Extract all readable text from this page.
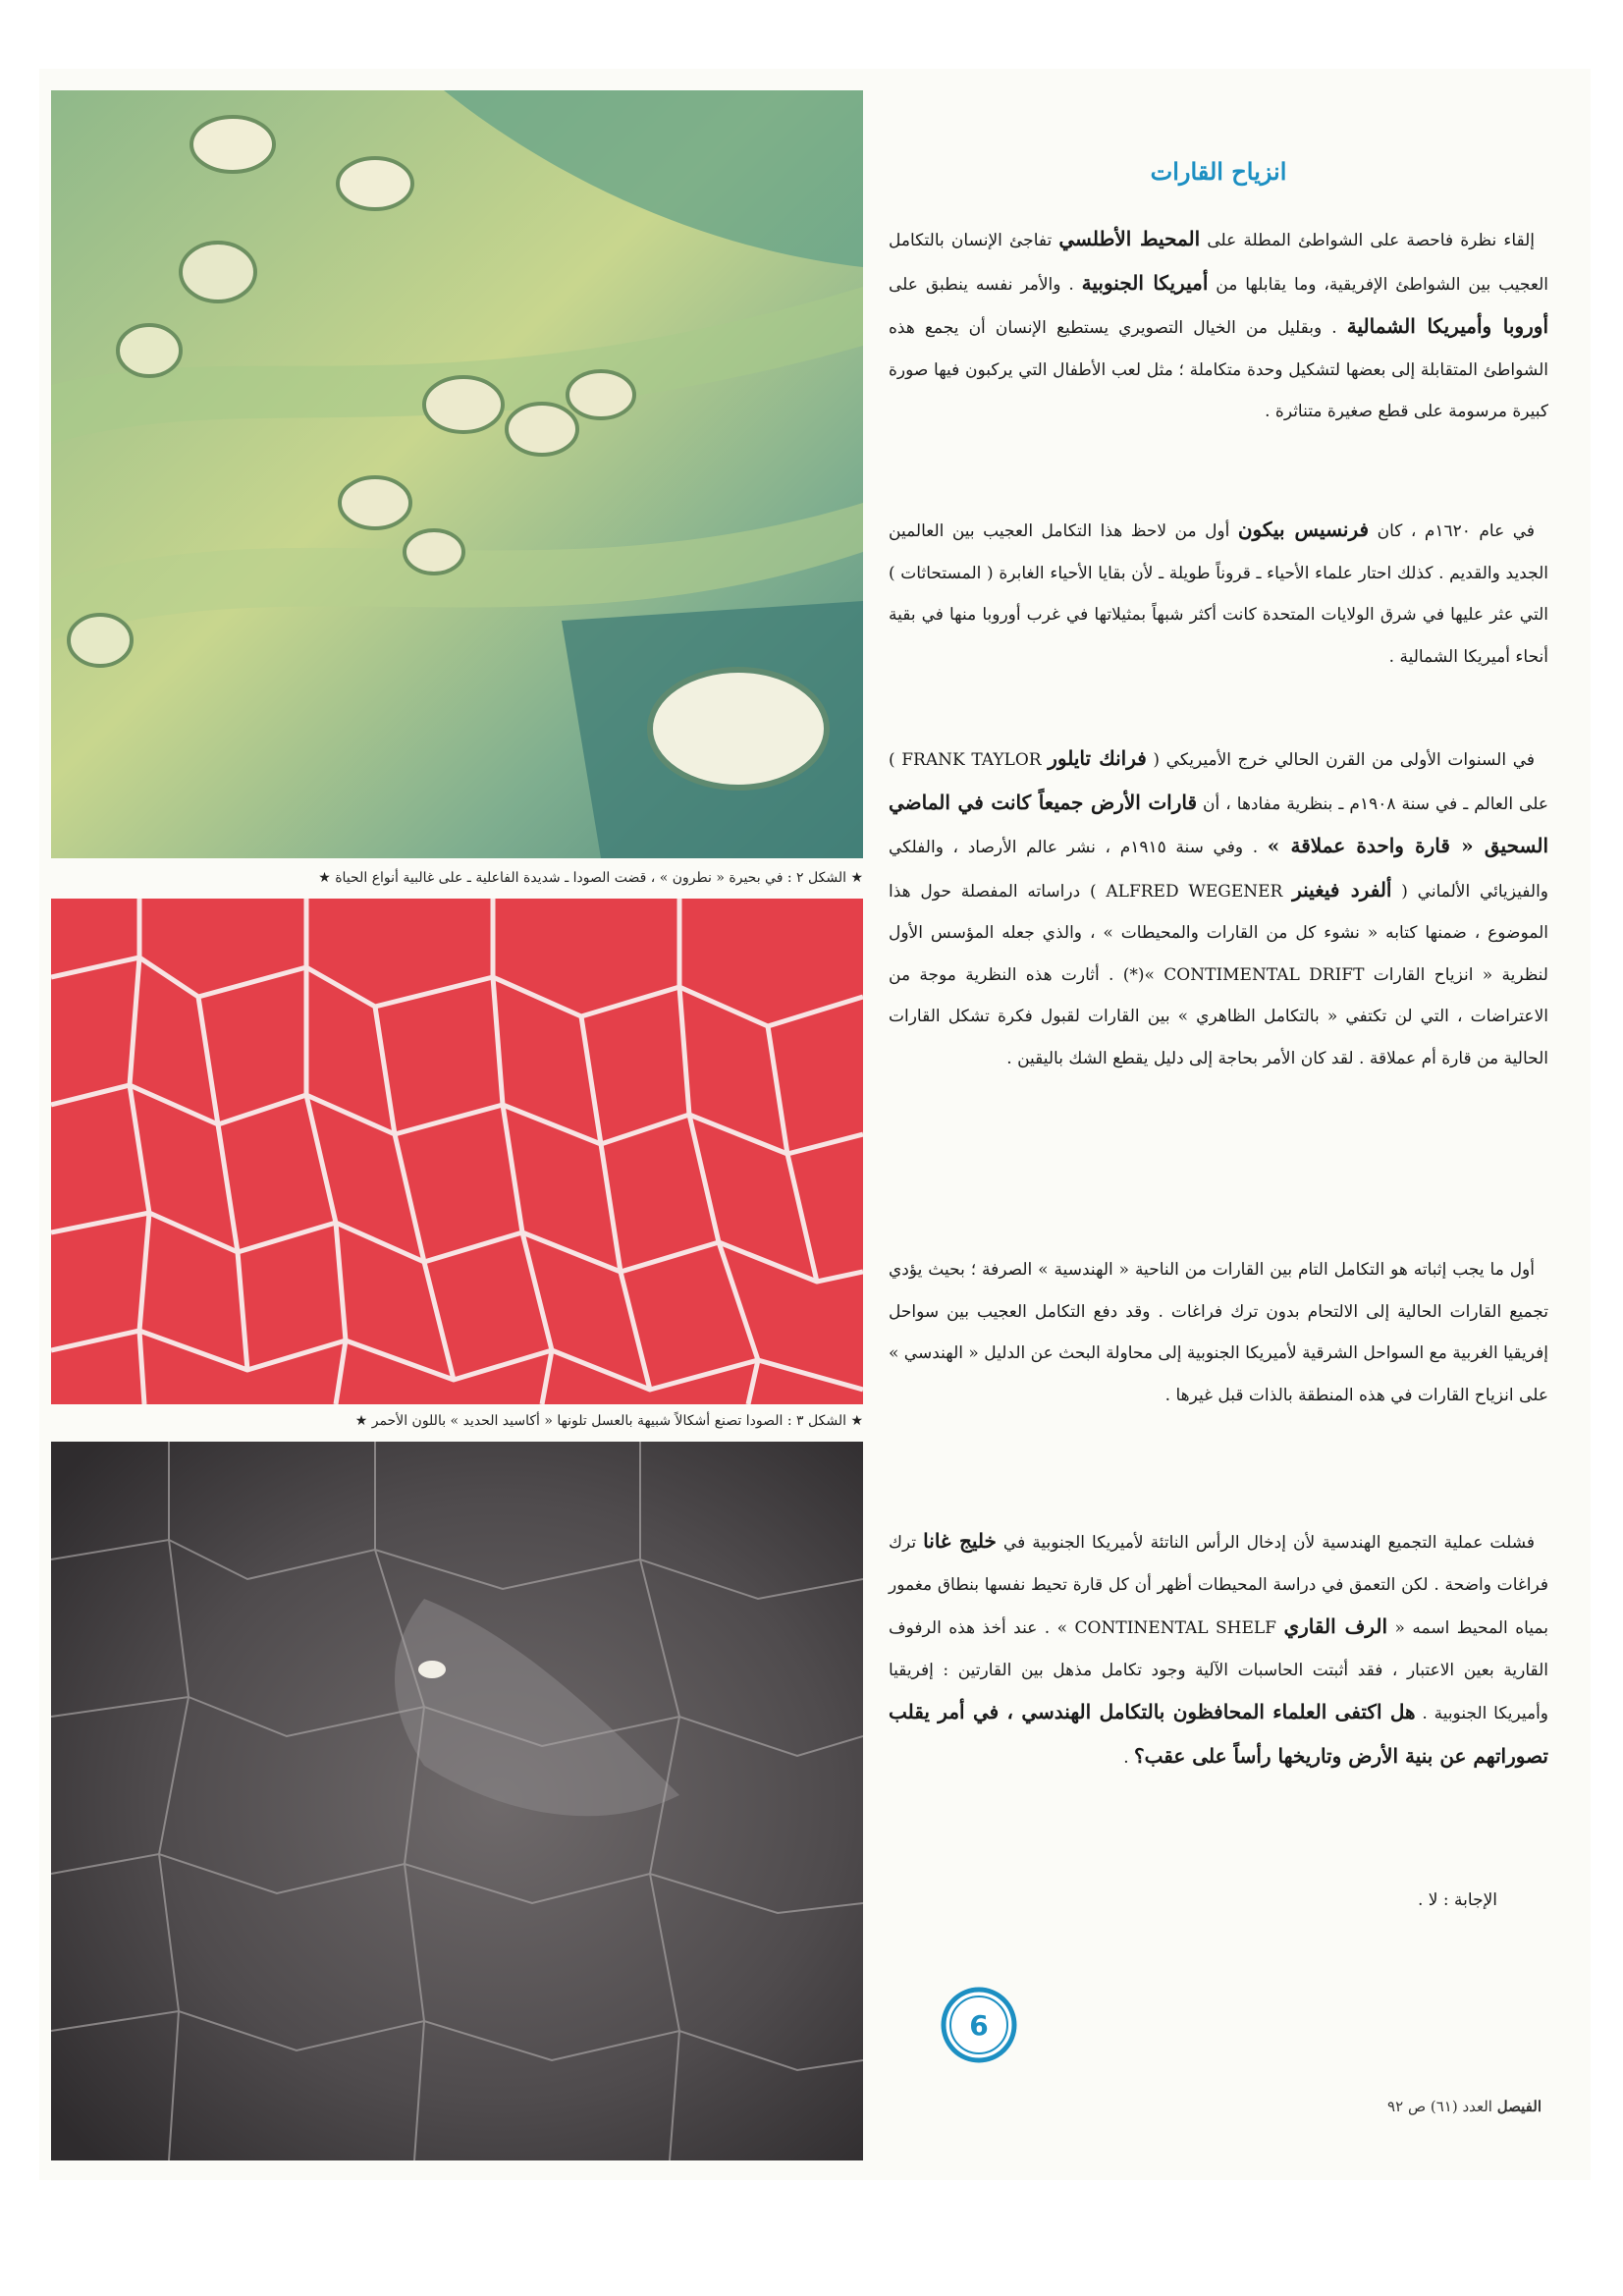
★ الشكل ٢ : في بحيرة « نطرون » ، قضت الصودا ـ شديدة الفاعلية ـ على غالبية أنواع الحياة ★
★ الشكل ٣ : الصودا تصنع أشكالاً شبيهة بالعسل تلونها « أكاسيد الحديد » باللون الأحمر ★
انزياح القارات

إلقاء نظرة فاحصة على الشواطئ المطلة على المحيط الأطلسي تفاجئ الإنسان بالتكامل العجيب بين الشواطئ الإفريقية، وما يقابلها من أميريكا الجنوبية . والأمر نفسه ينطبق على أوروبا وأميريكا الشمالية . وبقليل من الخيال التصويري يستطيع الإنسان أن يجمع هذه الشواطئ المتقابلة إلى بعضها لتشكيل وحدة متكاملة ؛ مثل لعب الأطفال التي يركبون فيها صورة كبيرة مرسومة على قطع صغيرة متناثرة .

في عام ١٦٢٠م ، كان فرنسيس بيكون أول من لاحظ هذا التكامل العجيب بين العالمين الجديد والقديم . كذلك احتار علماء الأحياء ـ قروناً طويلة ـ لأن بقايا الأحياء الغابرة ( المستحاثات ) التي عثر عليها في شرق الولايات المتحدة كانت أكثر شبهاً بمثيلاتها في غرب أوروبا منها في بقية أنحاء أميريكا الشمالية .

في السنوات الأولى من القرن الحالي خرج الأميريكي ( فرانك تايلور FRANK TAYLOR ) على العالم ـ في سنة ١٩٠٨م ـ بنظرية مفادها ، أن قارات الأرض جميعاً كانت في الماضي السحيق « قارة واحدة عملاقة » . وفي سنة ١٩١٥م ، نشر عالم الأرصاد ، والفلكي والفيزيائي الألماني ( ألفرد فيغينر ALFRED WEGENER ) دراساته المفصلة حول هذا الموضوع ، ضمنها كتابه « نشوء كل من القارات والمحيطات » ، والذي جعله المؤسس الأول لنظرية « انزياح القارات CONTIMENTAL DRIFT »(*) . أثارت هذه النظرية موجة من الاعتراضات ، التي لن تكتفي « بالتكامل الظاهري » بين القارات لقبول فكرة تشكل القارات الحالية من قارة أم عملاقة . لقد كان الأمر بحاجة إلى دليل يقطع الشك باليقين .

أول ما يجب إثباته هو التكامل التام بين القارات من الناحية « الهندسية » الصرفة ؛ بحيث يؤدي تجميع القارات الحالية إلى الالتحام بدون ترك فراغات . وقد دفع التكامل العجيب بين سواحل إفريقيا الغربية مع السواحل الشرقية لأميريكا الجنوبية إلى محاولة البحث عن الدليل « الهندسي » على انزياح القارات في هذه المنطقة بالذات قبل غيرها .

فشلت عملية التجميع الهندسية لأن إدخال الرأس الناتئة لأميريكا الجنوبية في خليج غانا ترك فراغات واضحة . لكن التعمق في دراسة المحيطات أظهر أن كل قارة تحيط نفسها بنطاق مغمور بمياه المحيط اسمه « الرف القاري CONTINENTAL SHELF » . عند أخذ هذه الرفوف القارية بعين الاعتبار ، فقد أثبتت الحاسبات الآلية وجود تكامل مذهل بين القارتين : إفريقيا وأميريكا الجنوبية . هل اكتفى العلماء المحافظون بالتكامل الهندسي ، في أمر يقلب تصوراتهم عن بنية الأرض وتاريخها رأساً على عقب؟ .

الإجابة : لا .
6
الفيصل العدد (٦١) ص ٩٢
